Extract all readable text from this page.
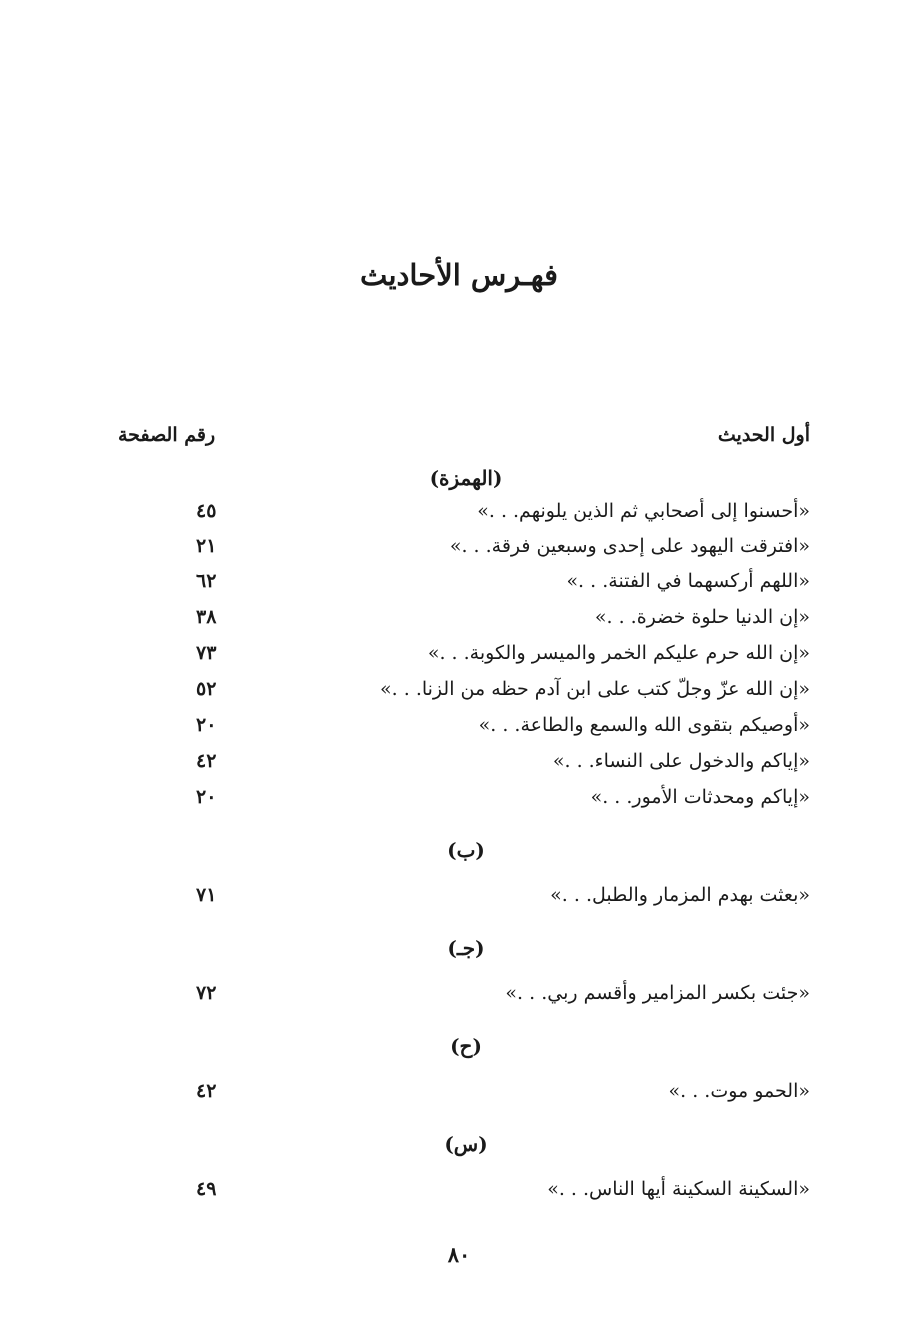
فهـرس الأحاديث
أول الحديث
رقم الصفحة
(الهمزة)
«أحسنوا إلى أصحابي ثم الذين يلونهم. . .»
٤٥
«افترقت اليهود على إحدى وسبعين فرقة. . .»
٢١
«اللهم أركسهما في الفتنة. . .»
٦٢
«إن الدنيا حلوة خضرة. . .»
٣٨
«إن الله حرم عليكم الخمر والميسر والكوبة. . .»
٧٣
«إن الله عزّ وجلّ كتب على ابن آدم حظه من الزنا. . .»
٥٢
«أوصيكم بتقوى الله والسمع والطاعة. . .»
٢٠
«إياكم والدخول على النساء. . .»
٤٢
«إياكم ومحدثات الأمور. . .»
٢٠
(ب)
«بعثت بهدم المزمار والطبل. . .»
٧١
(جـ)
«جئت بكسر المزامير وأقسم ربي. . .»
٧٢
(ح)
«الحمو موت. . .»
٤٢
(س)
«السكينة السكينة أيها الناس. . .»
٤٩
٨٠
